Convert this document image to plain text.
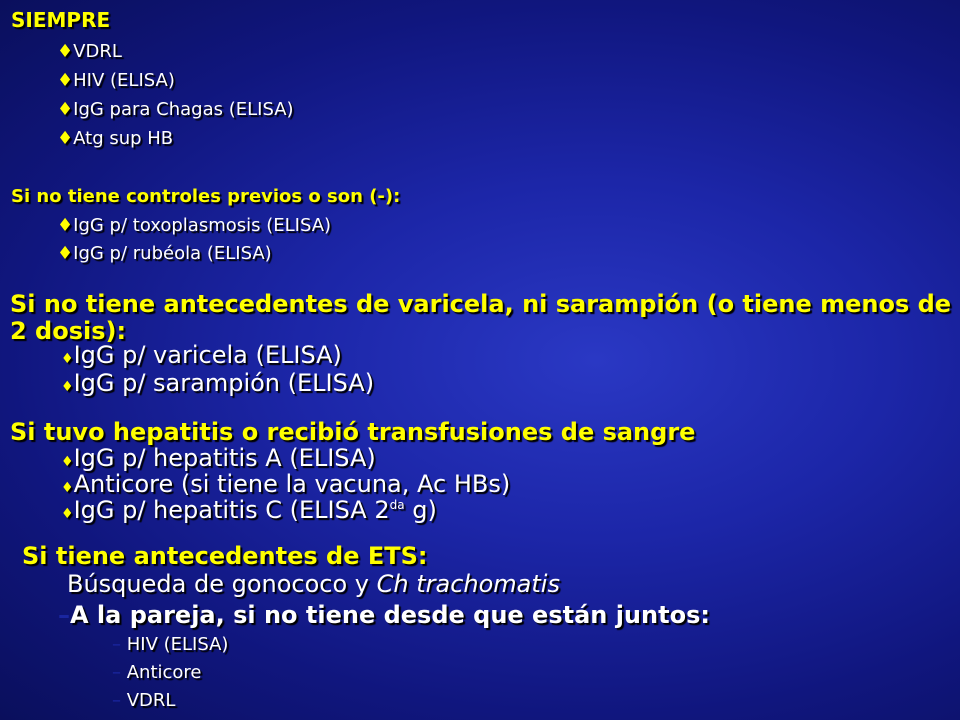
SIEMPRE
♦VDRL
♦HIV (ELISA)
♦IgG para Chagas (ELISA)
♦Atg sup HB
Si no tiene controles previos o son (-):
♦IgG p/ toxoplasmosis (ELISA)
♦IgG p/ rubéola (ELISA)
Si no tiene antecedentes de varicela, ni sarampión (o tiene menos de
2 dosis):
♦IgG p/ varicela (ELISA)
♦IgG p/ sarampión (ELISA)
Si tuvo hepatitis o recibió transfusiones de sangre
♦IgG p/ hepatitis A (ELISA)
♦Anticore (si tiene la vacuna, Ac HBs)
♦IgG p/ hepatitis C (ELISA $2^{da}$ g)
Si tiene antecedentes de ETS:
Búsqueda de gonococo y Ch trachomatis
–A la pareja, si no tiene desde que están juntos:
– HIV (ELISA)
– Anticore
– VDRL
